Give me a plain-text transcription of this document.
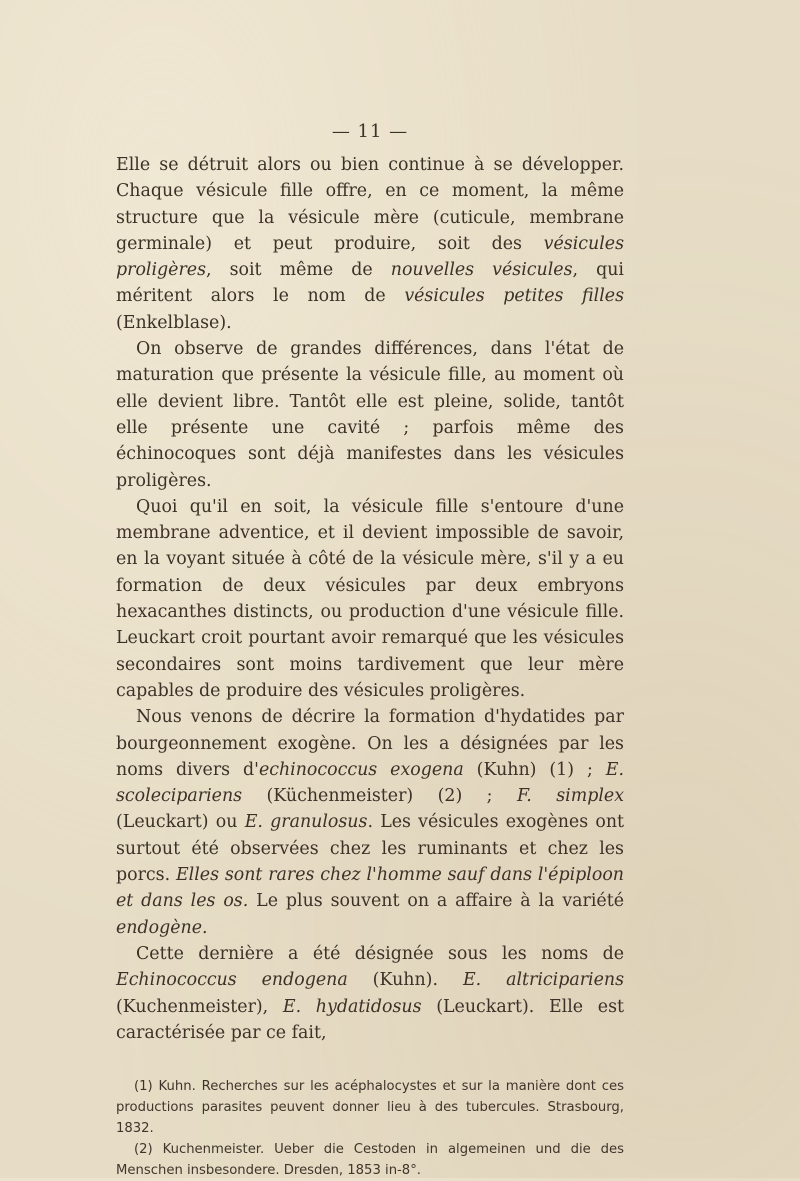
— 11 —

Elle se détruit alors ou bien continue à se développer. Chaque vésicule fille offre, en ce moment, la même structure que la vésicule mère (cuticule, membrane germinale) et peut produire, soit des vésicules proligères, soit même de nouvelles vésicules, qui méritent alors le nom de vésicules petites filles (Enkelblase).

On observe de grandes différences, dans l'état de maturation que présente la vésicule fille, au moment où elle devient libre. Tantôt elle est pleine, solide, tantôt elle présente une cavité ; parfois même des échinocoques sont déjà manifestes dans les vésicules proligères.

Quoi qu'il en soit, la vésicule fille s'entoure d'une membrane adventice, et il devient impossible de savoir, en la voyant située à côté de la vésicule mère, s'il y a eu formation de deux vésicules par deux embryons hexacanthes distincts, ou production d'une vésicule fille. Leuckart croit pourtant avoir remarqué que les vésicules secondaires sont moins tardivement que leur mère capables de produire des vésicules proligères.

Nous venons de décrire la formation d'hydatides par bourgeonnement exogène. On les a désignées par les noms divers d'echinococcus exogena (Kuhn) (1) ; E. scolecipariens (Küchenmeister) (2) ; F. simplex (Leuckart) ou E. granulosus. Les vésicules exogènes ont surtout été observées chez les ruminants et chez les porcs. Elles sont rares chez l'homme sauf dans l'épiploon et dans les os. Le plus souvent on a affaire à la variété endogène.

Cette dernière a été désignée sous les noms de Echinococcus endogena (Kuhn). E. altricipariens (Kuchenmeister), E. hydatidosus (Leuckart). Elle est caractérisée par ce fait,

(1) Kuhn. Recherches sur les acéphalocystes et sur la manière dont ces productions parasites peuvent donner lieu à des tubercules. Strasbourg, 1832.

(2) Kuchenmeister. Ueber die Cestoden in algemeinen und die des Menschen insbesondere. Dresden, 1853 in-8°.
